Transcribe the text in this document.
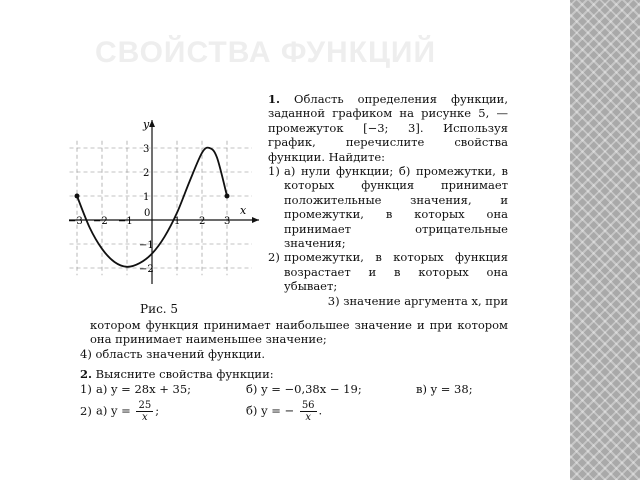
СВОЙСТВА ФУНКЦИЙ
x
y
0
−3 −2 −1	1 2 3
3
2
1
−1
−2
Рис. 5

1. Область определения функции, заданной графиком на рисунке 5, — промежуток [−3; 3]. Используя график, перечислите свойства функции. Найдите:

1) а) нули функции; б) промежутки, в которых функция принимает положительные значения, и промежутки, в которых она принимает отрицательные значения;
2) промежутки, в которых функция возрастает и в которых она убывает;
3) значение аргумента x, при
котором функция принимает наибольшее значение и при котором она принимает наименьшее значение;
4) область значений функции.
2. Выясните свойства функции:
1) а) y = 28x + 35;	б) y = −0,38x − 19;	в) y = 38;
2) а) $y = \frac{25}{x}$ ;	б) y = − $\frac{56}{x}$ .
